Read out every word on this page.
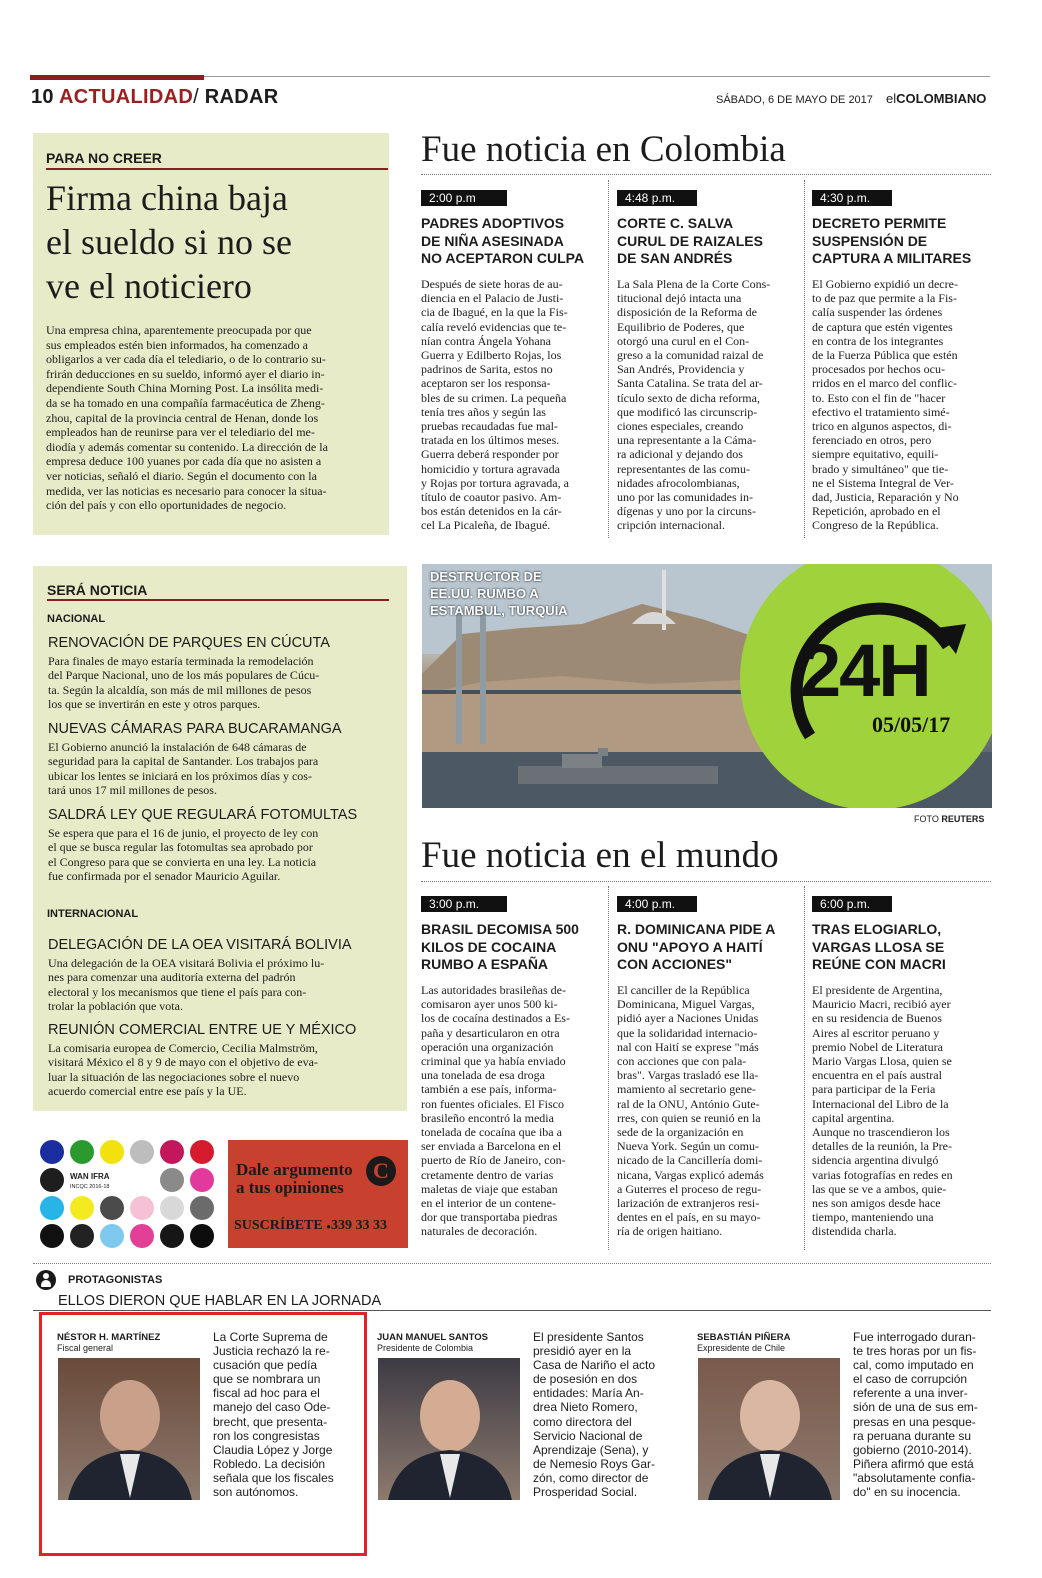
10 ACTUALIDAD/ RADAR	SÁBADO, 6 DE MAYO DE 2017 elCOLOMBIANO
PARA NO CREER
Firma china baja
el sueldo si no se
ve el noticiero
Una empresa china, aparentemente preocupada por que
sus empleados estén bien informados, ha comenzado a
obligarlos a ver cada día el telediario, o de lo contrario su-
frirán deducciones en su sueldo, informó ayer el diario in-
dependiente South China Morning Post. La insólita medi-
da se ha tomado en una compañía farmacéutica de Zheng-
zhou, capital de la provincia central de Henan, donde los
empleados han de reunirse para ver el telediario del me-
diodía y además comentar su contenido. La dirección de la
empresa deduce 100 yuanes por cada día que no asisten a
ver noticias, señaló el diario. Según el documento con la
medida, ver las noticias es necesario para conocer la situa-
ción del país y con ello oportunidades de negocio.
Fue noticia en Colombia
2:00 p.m
PADRES ADOPTIVOS
DE NIÑA ASESINADA
NO ACEPTARON CULPA
Después de siete horas de au-
diencia en el Palacio de Justi-
cia de Ibagué, en la que la Fis-
calía reveló evidencias que te-
nían contra Ángela Yohana
Guerra y Edilberto Rojas, los
padrinos de Sarita, estos no
aceptaron ser los responsa-
bles de su crimen. La pequeña
tenía tres años y según las
pruebas recaudadas fue mal-
tratada en los últimos meses.
Guerra deberá responder por
homicidio y tortura agravada
y Rojas por tortura agravada, a
título de coautor pasivo. Am-
bos están detenidos en la cár-
cel La Picaleña, de Ibagué.
4:48 p.m.
CORTE C. SALVA
CURUL DE RAIZALES
DE SAN ANDRÉS
La Sala Plena de la Corte Cons-
titucional dejó intacta una
disposición de la Reforma de
Equilibrio de Poderes, que
otorgó una curul en el Con-
greso a la comunidad raizal de
San Andrés, Providencia y
Santa Catalina. Se trata del ar-
tículo sexto de dicha reforma,
que modificó las circunscrip-
ciones especiales, creando
una representante a la Cáma-
ra adicional y dejando dos
representantes de las comu-
nidades afrocolombianas,
uno por las comunidades in-
dígenas y uno por la circuns-
cripción internacional.
4:30 p.m.
DECRETO PERMITE
SUSPENSIÓN DE
CAPTURA A MILITARES
El Gobierno expidió un decre-
to de paz que permite a la Fis-
calía suspender las órdenes
de captura que estén vigentes
en contra de los integrantes
de la Fuerza Pública que estén
procesados por hechos ocu-
rridos en el marco del conflic-
to. Esto con el fin de "hacer
efectivo el tratamiento simé-
trico en algunos aspectos, di-
ferenciado en otros, pero
siempre equitativo, equili-
brado y simultáneo" que tie-
ne el Sistema Integral de Ver-
dad, Justicia, Reparación y No
Repetición, aprobado en el
Congreso de la República.
SERÁ NOTICIA
NACIONAL
INTERNACIONAL
RENOVACIÓN DE PARQUES EN CÚCUTA
Para finales de mayo estaría terminada la remodelación
del Parque Nacional, uno de los más populares de Cúcu-
ta. Según la alcaldía, son más de mil millones de pesos
los que se invertirán en este y otros parques.
NUEVAS CÁMARAS PARA BUCARAMANGA
El Gobierno anunció la instalación de 648 cámaras de
seguridad para la capital de Santander. Los trabajos para
ubicar los lentes se iniciará en los próximos días y cos-
tará unos 17 mil millones de pesos.
SALDRÁ LEY QUE REGULARÁ FOTOMULTAS
Se espera que para el 16 de junio, el proyecto de ley con
el que se busca regular las fotomultas sea aprobado por
el Congreso para que se convierta en una ley. La noticia
fue confirmada por el senador Mauricio Aguilar.
DELEGACIÓN DE LA OEA VISITARÁ BOLIVIA
Una delegación de la OEA visitará Bolivia el próximo lu-
nes para comenzar una auditoría externa del padrón
electoral y los mecanismos que tiene el país para con-
trolar la población que vota.
REUNIÓN COMERCIAL ENTRE UE Y MÉXICO
La comisaria europea de Comercio, Cecilia Malmström,
visitará México el 8 y 9 de mayo con el objetivo de eva-
luar la situación de las negociaciones sobre el nuevo
acuerdo comercial entre ese país y la UE.
DESTRUCTOR DE
EE.UU. RUMBO A
ESTAMBUL, TURQUÍA
24H
05/05/17
FOTO REUTERS
Fue noticia en el mundo
3:00 p.m.
BRASIL DECOMISA 500
KILOS DE COCAINA
RUMBO A ESPAÑA
Las autoridades brasileñas de-
comisaron ayer unos 500 ki-
los de cocaína destinados a Es-
paña y desarticularon en otra
operación una organización
criminal que ya había enviado
una tonelada de esa droga
también a ese país, informa-
ron fuentes oficiales. El Fisco
brasileño encontró la media
tonelada de cocaína que iba a
ser enviada a Barcelona en el
puerto de Río de Janeiro, con-
cretamente dentro de varias
maletas de viaje que estaban
en el interior de un contene-
dor que transportaba piedras
naturales de decoración.
4:00 p.m.
R. DOMINICANA PIDE A
ONU "APOYO A HAITÍ
CON ACCIONES"
El canciller de la República
Dominicana, Miguel Vargas,
pidió ayer a Naciones Unidas
que la solidaridad internacio-
nal con Haití se exprese "más
con acciones que con pala-
bras". Vargas trasladó ese lla-
mamiento al secretario gene-
ral de la ONU, António Gute-
rres, con quien se reunió en la
sede de la organización en
Nueva York. Según un comu-
nicado de la Cancillería domi-
nicana, Vargas explicó además
a Guterres el proceso de regu-
larización de extranjeros resi-
dentes en el país, en su mayo-
ría de origen haitiano.
6:00 p.m.
TRAS ELOGIARLO,
VARGAS LLOSA SE
REÚNE CON MACRI
El presidente de Argentina,
Mauricio Macri, recibió ayer
en su residencia de Buenos
Aires al escritor peruano y
premio Nobel de Literatura
Mario Vargas Llosa, quien se
encuentra en el país austral
para participar de la Feria
Internacional del Libro de la
capital argentina.
Aunque no trascendieron los
detalles de la reunión, la Pre-
sidencia argentina divulgó
varias fotografías en redes en
las que se ve a ambos, quie-
nes son amigos desde hace
tiempo, manteniendo una
distendida charla.
WAN IFRA
INCQC 2016-18
Dale argumento
a tus opiniones
C
SUSCRÍBETE ●339 33 33
PROTAGONISTAS
ELLOS DIERON QUE HABLAR EN LA JORNADA
NÉSTOR H. MARTÍNEZ
Fiscal general
La Corte Suprema de
Justicia rechazó la re-
cusación que pedía
que se nombrara un
fiscal ad hoc para el
manejo del caso Ode-
brecht, que presenta-
ron los congresistas
Claudia López y Jorge
Robledo. La decisión
señala que los fiscales
son autónomos.
JUAN MANUEL SANTOS
Presidente de Colombia
El presidente Santos
presidió ayer en la
Casa de Nariño el acto
de posesión en dos
entidades: María An-
drea Nieto Romero,
como directora del
Servicio Nacional de
Aprendizaje (Sena), y
de Nemesio Roys Gar-
zón, como director de
Prosperidad Social.
SEBASTIÁN PIÑERA
Expresidente de Chile
Fue interrogado duran-
te tres horas por un fis-
cal, como imputado en
el caso de corrupción
referente a una inver-
sión de una de sus em-
presas en una pesque-
ra peruana durante su
gobierno (2010-2014).
Piñera afirmó que está
"absolutamente confia-
do" en su inocencia.
